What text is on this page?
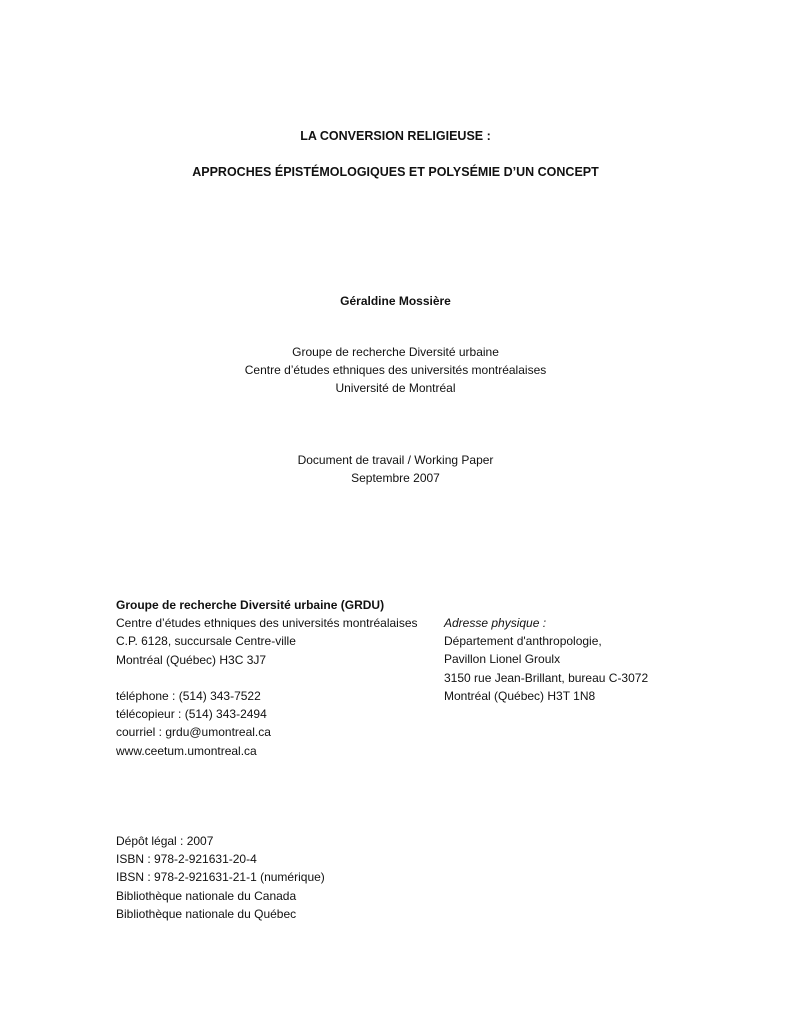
LA CONVERSION RELIGIEUSE :
APPROCHES ÉPISTÉMOLOGIQUES ET POLYSÉMIE D’UN CONCEPT
Géraldine Mossière
Groupe de recherche Diversité urbaine
Centre d’études ethniques des universités montréalaises
Université de Montréal
Document de travail / Working Paper
Septembre 2007
Groupe de recherche Diversité urbaine (GRDU)
Centre d’études ethniques des universités montréalaises
C.P. 6128, succursale Centre-ville
Montréal (Québec) H3C 3J7
téléphone : (514) 343-7522
télécopieur : (514) 343-2494
courriel : grdu@umontreal.ca
www.ceetum.umontreal.ca
Adresse physique :
Département d'anthropologie,
Pavillon Lionel Groulx
3150 rue Jean-Brillant, bureau C-3072
Montréal (Québec) H3T 1N8
Dépôt légal : 2007
ISBN : 978-2-921631-20-4
IBSN : 978-2-921631-21-1 (numérique)
Bibliothèque nationale du Canada
Bibliothèque nationale du Québec
